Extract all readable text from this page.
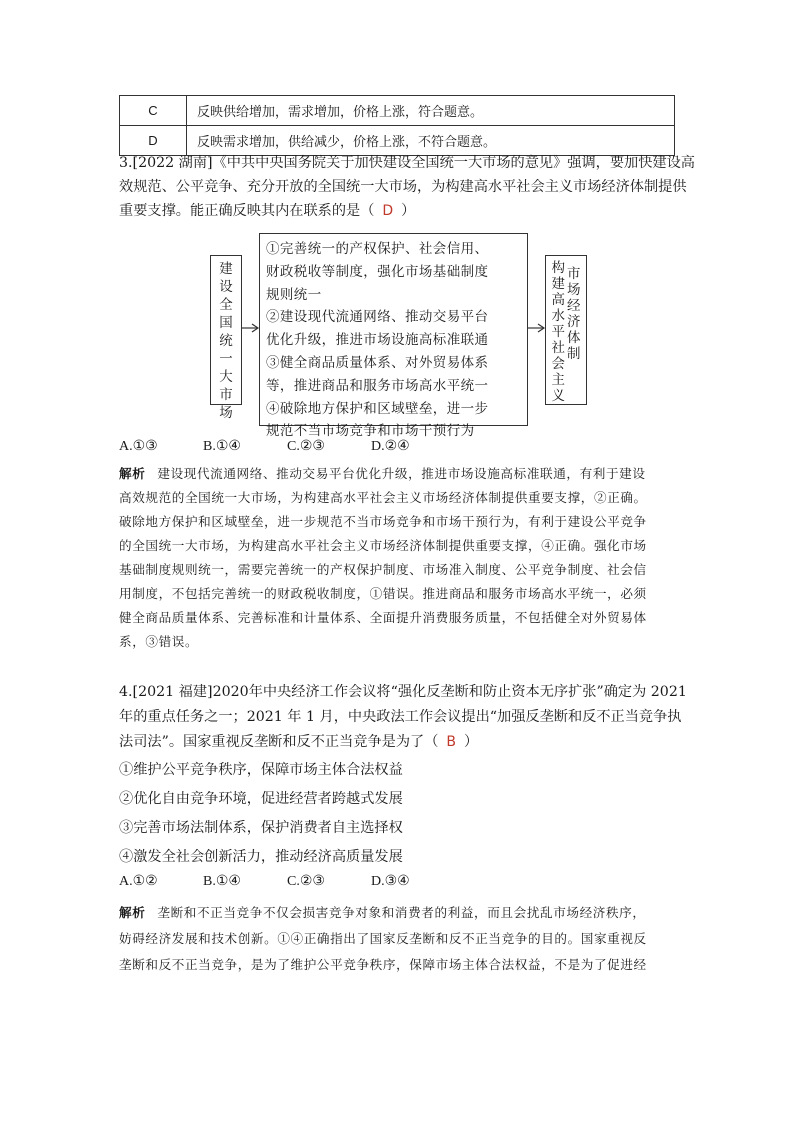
C	反映供给增加，需求增加，价格上涨，符合题意。
D	反映需求增加，供给减少，价格上涨，不符合题意。
3.[2022 湖南]《中共中央国务院关于加快建设全国统一大市场的意见》强调，要加快建设高
效规范、公平竞争、充分开放的全国统一大市场，为构建高水平社会主义市场经济体制提供
重要支撑。能正确反映其内在联系的是（ D ）
建
设
全
国
统
一
大
市
场
①完善统一的产权保护、社会信用、
财政税收等制度，强化市场基础制度
规则统一
②建设现代流通网络、推动交易平台
优化升级，推进市场设施高标准联通
③健全商品质量体系、对外贸易体系
等，推进商品和服务市场高水平统一
④破除地方保护和区域壁垒，进一步
规范不当市场竞争和市场干预行为
构
建
高
水
平
社
会
主
义
市
场
经
济
体
制
A.①③	B.①④	C.②③	D.②④
解析 建设现代流通网络、推动交易平台优化升级，推进市场设施高标准联通，有利于建设
高效规范的全国统一大市场，为构建高水平社会主义市场经济体制提供重要支撑，②正确。
破除地方保护和区域壁垒，进一步规范不当市场竞争和市场干预行为，有利于建设公平竞争
的全国统一大市场，为构建高水平社会主义市场经济体制提供重要支撑，④正确。强化市场
基础制度规则统一，需要完善统一的产权保护制度、市场准入制度、公平竞争制度、社会信
用制度，不包括完善统一的财政税收制度，①错误。推进商品和服务市场高水平统一，必须
健全商品质量体系、完善标准和计量体系、全面提升消费服务质量，不包括健全对外贸易体
系，③错误。
4.[2021 福建]2020年中央经济工作会议将“强化反垄断和防止资本无序扩张”确定为 2021
年的重点任务之一；2021 年 1 月，中央政法工作会议提出“加强反垄断和反不正当竞争执
法司法”。国家重视反垄断和反不正当竞争是为了（ B ）
①维护公平竞争秩序，保障市场主体合法权益
②优化自由竞争环境，促进经营者跨越式发展
③完善市场法制体系，保护消费者自主选择权
④激发全社会创新活力，推动经济高质量发展
A.①②	B.①④	C.②③	D.③④
解析 垄断和不正当竞争不仅会损害竞争对象和消费者的利益，而且会扰乱市场经济秩序，
妨碍经济发展和技术创新。①④正确指出了国家反垄断和反不正当竞争的目的。国家重视反
垄断和反不正当竞争，是为了维护公平竞争秩序，保障市场主体合法权益，不是为了促进经
